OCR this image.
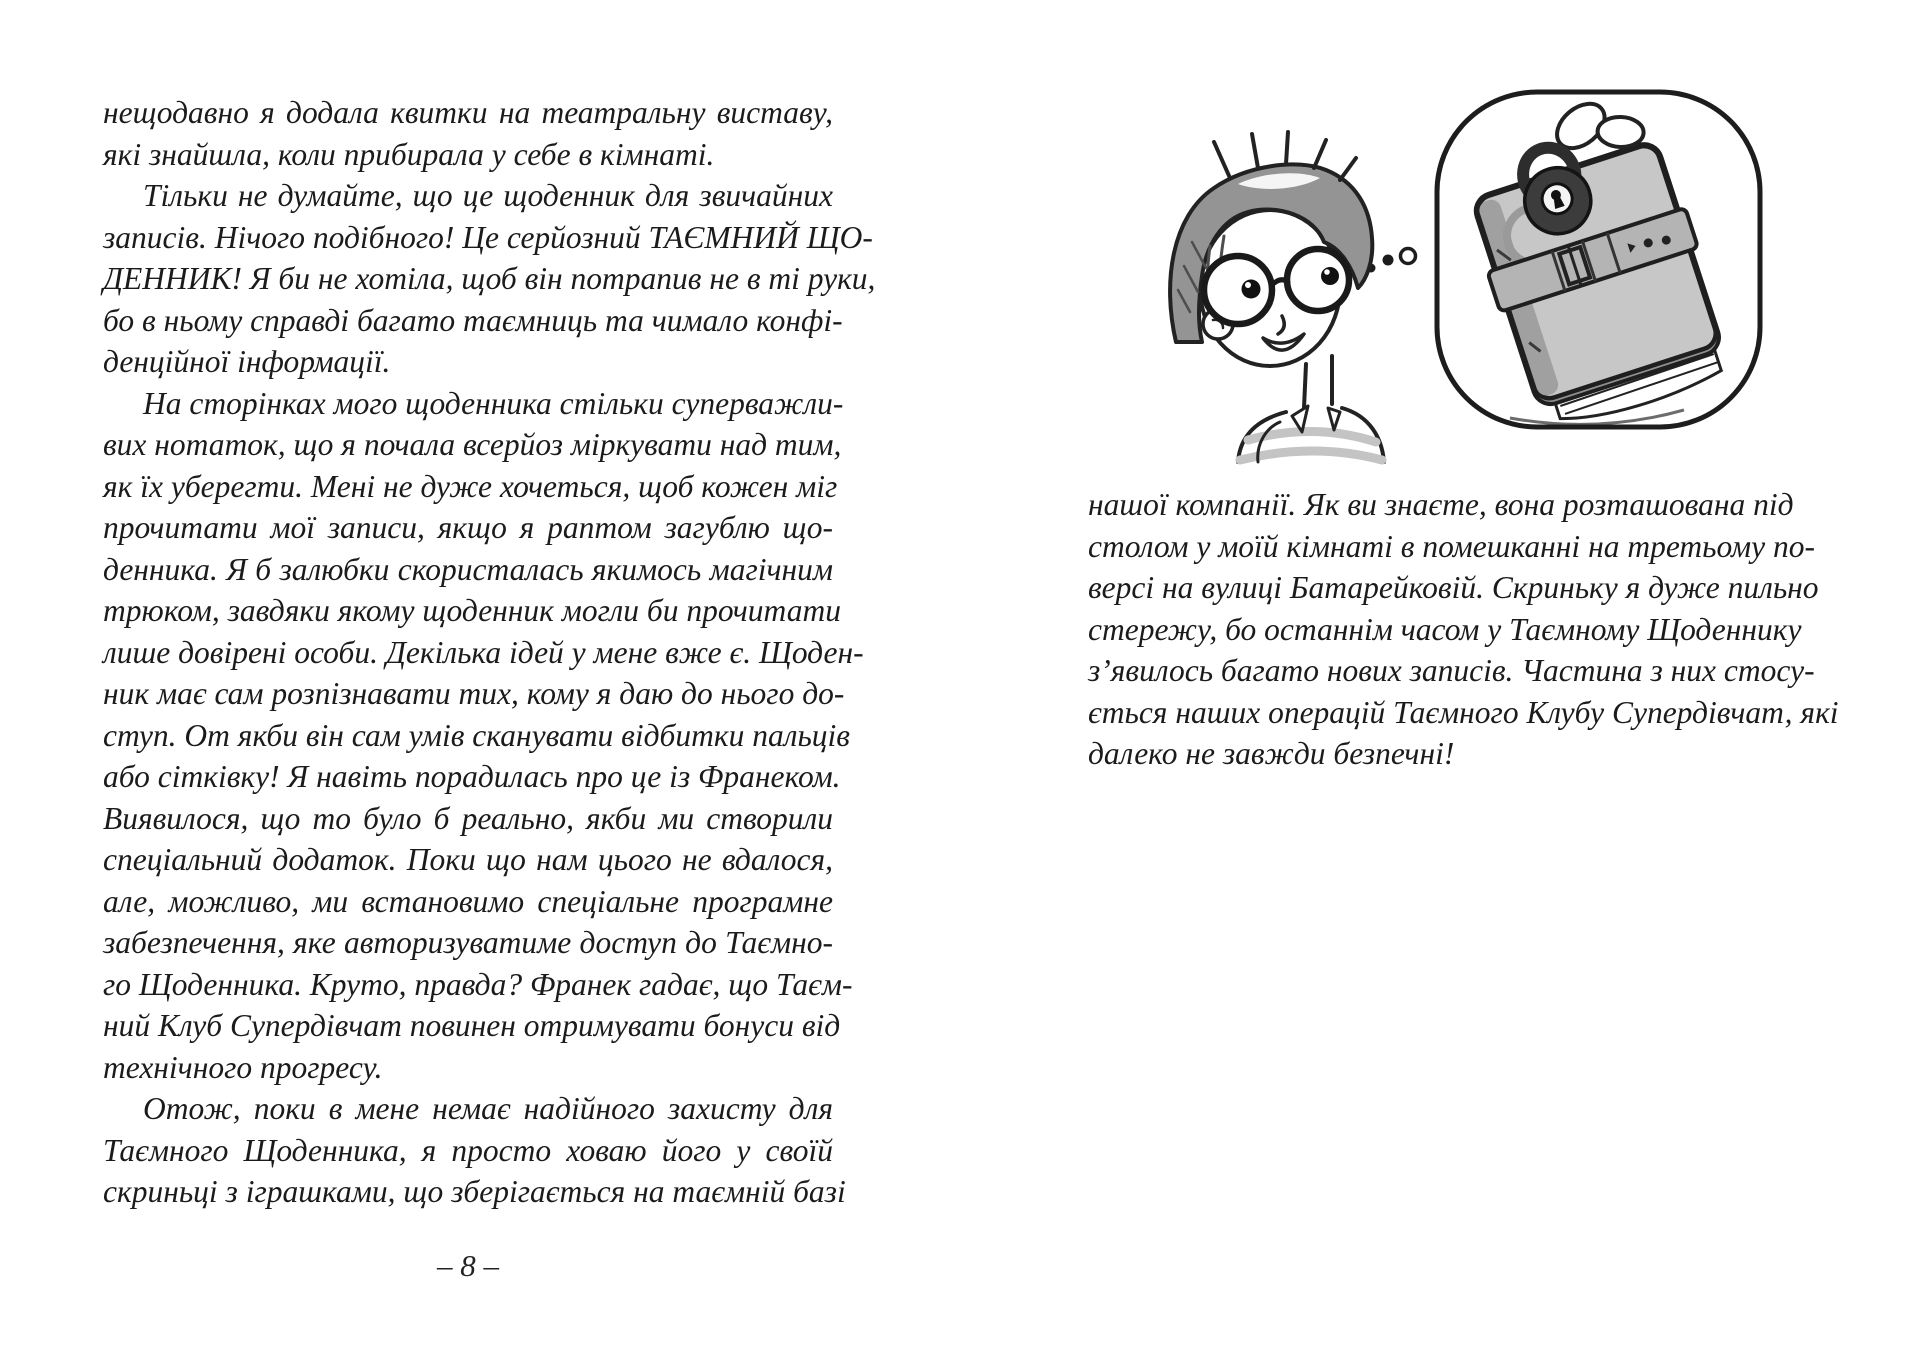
нещодавно я додала квитки на театральну виставу,
які знайшла, коли прибирала у себе в кімнаті.
Тільки не думайте, що це щоденник для звичайних
записів. Нічого подібного! Це серйозний ТАЄМНИЙ ЩО-
ДЕННИК! Я би не хотіла, щоб він потрапив не в ті руки,
бо в ньому справді багато таємниць та чимало конфі-
денційної інформації.
На сторінках мого щоденника стільки суперважли-
вих нотаток, що я почала всерйоз міркувати над тим,
як їх уберегти. Мені не дуже хочеться, щоб кожен міг
прочитати мої записи, якщо я раптом загублю що-
денника. Я б залюбки скористалась якимось магічним
трюком, завдяки якому щоденник могли би прочитати
лише довірені особи. Декілька ідей у мене вже є. Щоден-
ник має сам розпізнавати тих, кому я даю до нього до-
ступ. От якби він сам умів сканувати відбитки пальців
або сітківку! Я навіть порадилась про це із Франеком.
Виявилося, що то було б реально, якби ми створили
спеціальний додаток. Поки що нам цього не вдалося,
але, можливо, ми встановимо спеціальне програмне
забезпечення, яке авторизуватиме доступ до Таємно-
го Щоденника. Круто, правда? Франек гадає, що Таєм-
ний Клуб Супердівчат повинен отримувати бонуси від
технічного прогресу.
Отож, поки в мене немає надійного захисту для
Таємного Щоденника, я просто ховаю його у своїй
скриньці з іграшками, що зберігається на таємній базі
– 8 –
нашої компанії. Як ви знаєте, вона розташована під
столом у моїй кімнаті в помешканні на третьому по-
версі на вулиці Батарейковій. Скриньку я дуже пильно
стережу, бо останнім часом у Таємному Щоденнику
з’явилось багато нових записів. Частина з них стосу-
ється наших операцій Таємного Клубу Супердівчат, які
далеко не завжди безпечні!
